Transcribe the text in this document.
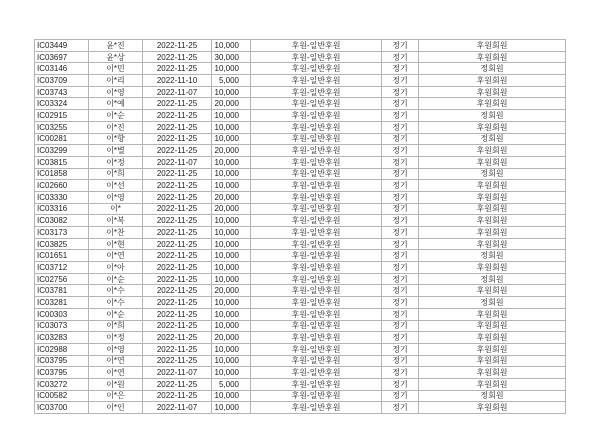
IC03449	윤*진	2022-11-25	10,000	후원-일반후원	정기	후원회원
IC03697	윤*상	2022-11-25	30,000	후원-일반후원	정기	후원회원
IC03146	이*민	2022-11-25	10,000	후원-일반후원	정기	정회원
IC03709	이*리	2022-11-10	5,000	후원-일반후원	정기	후원회원
IC03743	이*영	2022-11-07	10,000	후원-일반후원	정기	후원회원
IC03324	이*예	2022-11-25	20,000	후원-일반후원	정기	후원회원
IC02915	이*순	2022-11-25	10,000	후원-일반후원	정기	정회원
IC03255	이*진	2022-11-25	10,000	후원-일반후원	정기	후원회원
IC00281	이*향	2022-11-25	10,000	후원-일반후원	정기	정회원
IC03299	이*별	2022-11-25	20,000	후원-일반후원	정기	후원회원
IC03815	이*정	2022-11-07	10,000	후원-일반후원	정기	후원회원
IC01858	이*희	2022-11-25	10,000	후원-일반후원	정기	정회원
IC02660	이*선	2022-11-25	10,000	후원-일반후원	정기	후원회원
IC03330	이*영	2022-11-25	20,000	후원-일반후원	정기	후원회원
IC03316	이*	2022-11-25	20,000	후원-일반후원	정기	후원회원
IC03082	이*복	2022-11-25	10,000	후원-일반후원	정기	후원회원
IC03173	이*찬	2022-11-25	10,000	후원-일반후원	정기	후원회원
IC03825	이*현	2022-11-25	10,000	후원-일반후원	정기	후원회원
IC01651	이*연	2022-11-25	10,000	후원-일반후원	정기	정회원
IC03712	이*아	2022-11-25	10,000	후원-일반후원	정기	후원회원
IC02756	이*순	2022-11-25	10,000	후원-일반후원	정기	정회원
IC03781	이*수	2022-11-25	20,000	후원-일반후원	정기	후원회원
IC03281	이*수	2022-11-25	10,000	후원-일반후원	정기	정회원
IC00303	이*순	2022-11-25	10,000	후원-일반후원	정기	후원회원
IC03073	이*희	2022-11-25	10,000	후원-일반후원	정기	후원회원
IC03283	이*정	2022-11-25	20,000	후원-일반후원	정기	후원회원
IC02988	이*영	2022-11-25	10,000	후원-일반후원	정기	후원회원
IC03795	이*연	2022-11-25	10,000	후원-일반후원	정기	후원회원
IC03795	이*연	2022-11-07	10,000	후원-일반후원	정기	후원회원
IC03272	이*원	2022-11-25	5,000	후원-일반후원	정기	후원회원
IC00582	이*은	2022-11-25	10,000	후원-일반후원	정기	정회원
IC03700	이*인	2022-11-07	10,000	후원-일반후원	정기	후원회원
